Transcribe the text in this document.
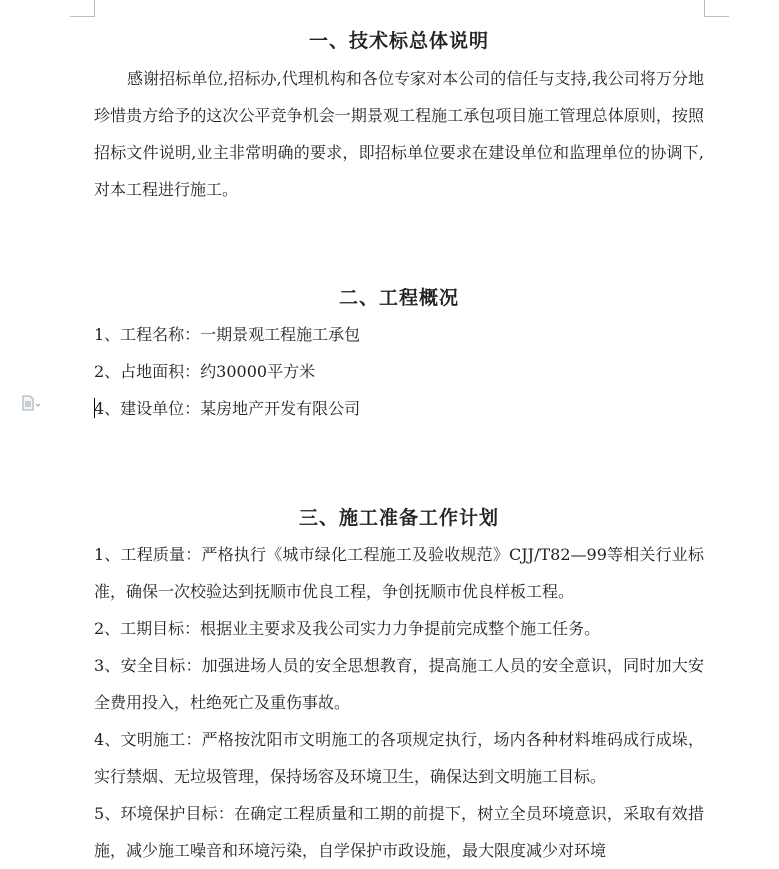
一、技术标总体说明

感谢招标单位,招标办,代理机构和各位专家对本公司的信任与支持,我公司将万分地珍惜贵方给予的这次公平竞争机会一期景观工程施工承包项目施工管理总体原则，按照招标文件说明,业主非常明确的要求，即招标单位要求在建设单位和监理单位的协调下,对本工程进行施工。

二、工程概况

1、工程名称：一期景观工程施工承包

2、占地面积：约30000平方米

4、建设单位：某房地产开发有限公司

三、施工准备工作计划

1、工程质量：严格执行《城市绿化工程施工及验收规范》CJJ/T82—99等相关行业标准，确保一次校验达到抚顺市优良工程，争创抚顺市优良样板工程。

2、工期目标：根据业主要求及我公司实力力争提前完成整个施工任务。

3、安全目标：加强进场人员的安全思想教育，提高施工人员的安全意识，同时加大安全费用投入，杜绝死亡及重伤事故。

4、文明施工：严格按沈阳市文明施工的各项规定执行，场内各种材料堆码成行成垛，实行禁烟、无垃圾管理，保持场容及环境卫生，确保达到文明施工目标。

5、环境保护目标：在确定工程质量和工期的前提下，树立全员环境意识，采取有效措施，减少施工噪音和环境污染，自学保护市政设施，最大限度减少对环境
